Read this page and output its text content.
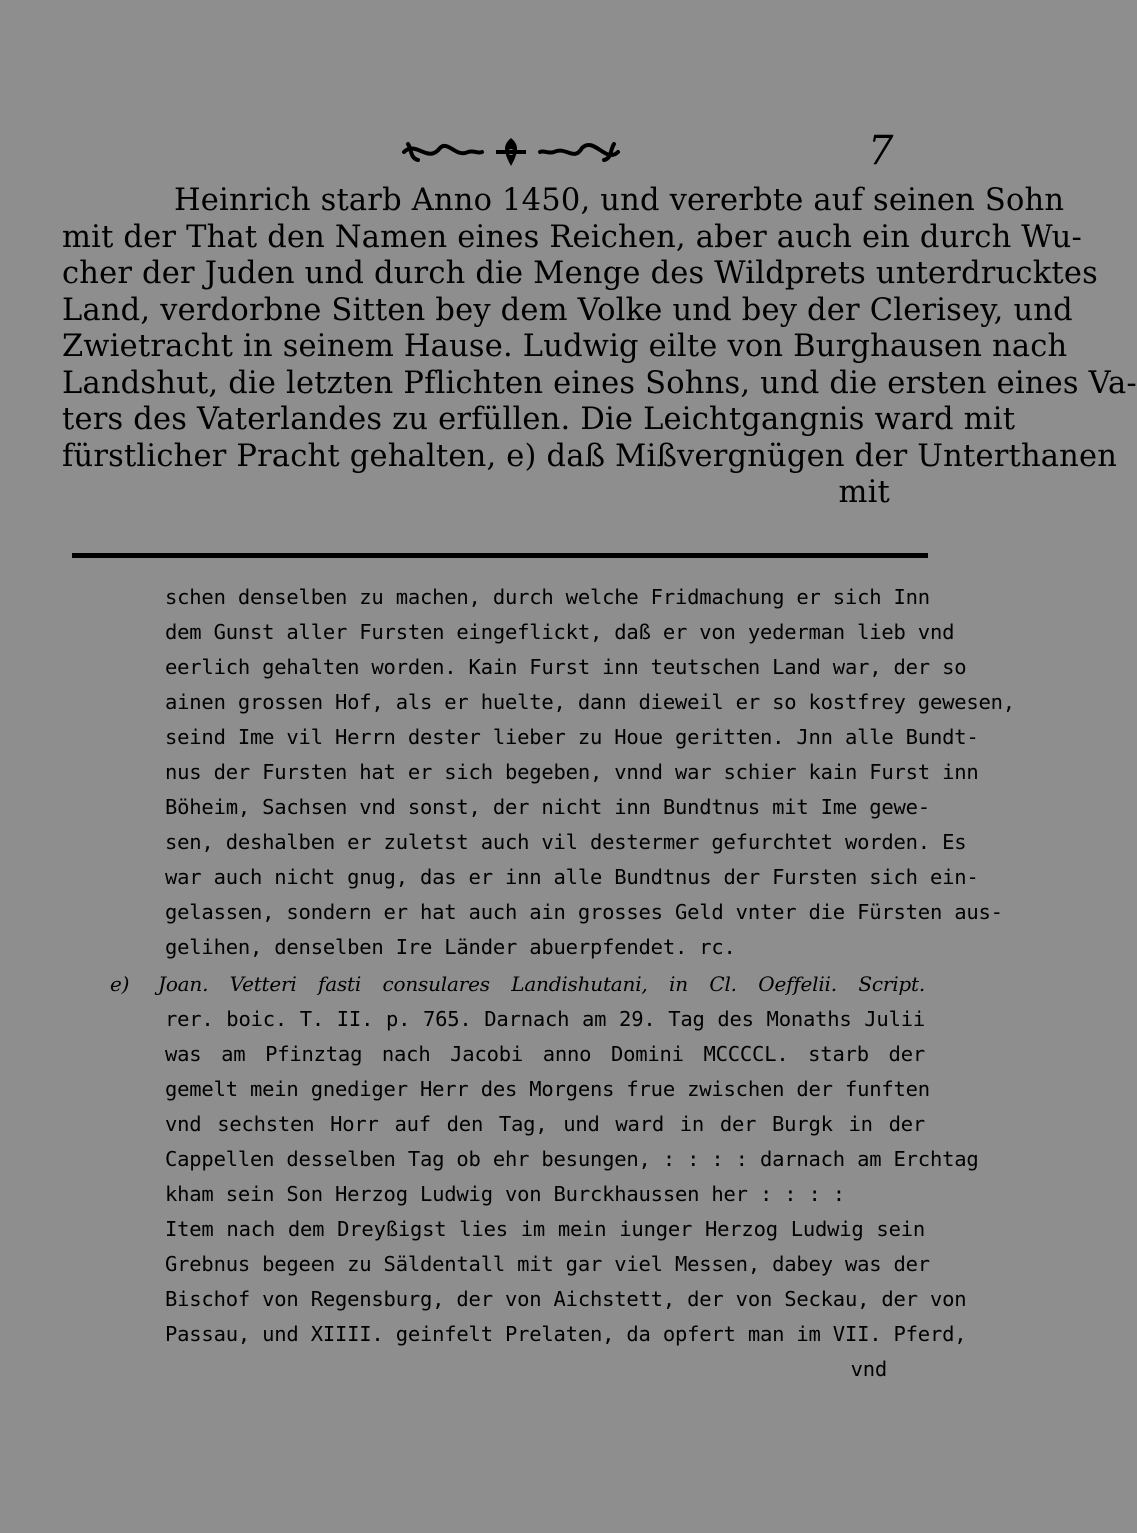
7
Heinrich starb Anno 1450, und vererbte auf seinen Sohn
mit der That den Namen eines Reichen, aber auch ein durch Wu-
cher der Juden und durch die Menge des Wildprets unterdrucktes
Land, verdorbne Sitten bey dem Volke und bey der Clerisey, und
Zwietracht in seinem Hause. Ludwig eilte von Burghausen nach
Landshut, die letzten Pflichten eines Sohns, und die ersten eines Va-
ters des Vaterlandes zu erfüllen. Die Leichtgangnis ward mit
fürstlicher Pracht gehalten, e) daß Mißvergnügen der Unterthanen
mit
schen denselben zu machen, durch welche Fridmachung er sich Inn
dem Gunst aller Fursten eingeflickt, daß er von yederman lieb vnd
eerlich gehalten worden. Kain Furst inn teutschen Land war, der so
ainen grossen Hof, als er huelte, dann dieweil er so kostfrey gewesen,
seind Ime vil Herrn dester lieber zu Houe geritten. Jnn alle Bundt-
nus der Fursten hat er sich begeben, vnnd war schier kain Furst inn
Böheim, Sachsen vnd sonst, der nicht inn Bundtnus mit Ime gewe-
sen, deshalben er zuletst auch vil destermer gefurchtet worden. Es
war auch nicht gnug, das er inn alle Bundtnus der Fursten sich ein-
gelassen, sondern er hat auch ain grosses Geld vnter die Fürsten aus-
gelihen, denselben Ire Länder abuerpfendet. rc.
e) Joan. Vetteri fasti consulares Landishutani, in Cl. Oeffelii. Script.
rer. boic. T. II. p. 765. Darnach am 29. Tag des Monaths Julii
was am Pfinztag nach Jacobi anno Domini MCCCCL. starb der
gemelt mein gnediger Herr des Morgens frue zwischen der funften
vnd sechsten Horr auf den Tag, und ward in der Burgk in der
Cappellen desselben Tag ob ehr besungen, : : : : darnach am Erchtag
kham sein Son Herzog Ludwig von Burckhaussen her : : : :
Item nach dem Dreyßigst lies im mein iunger Herzog Ludwig sein
Grebnus begeen zu Säldentall mit gar viel Messen, dabey was der
Bischof von Regensburg, der von Aichstett, der von Seckau, der von
Passau, und XIIII. geinfelt Prelaten, da opfert man im VII. Pferd,
vnd
